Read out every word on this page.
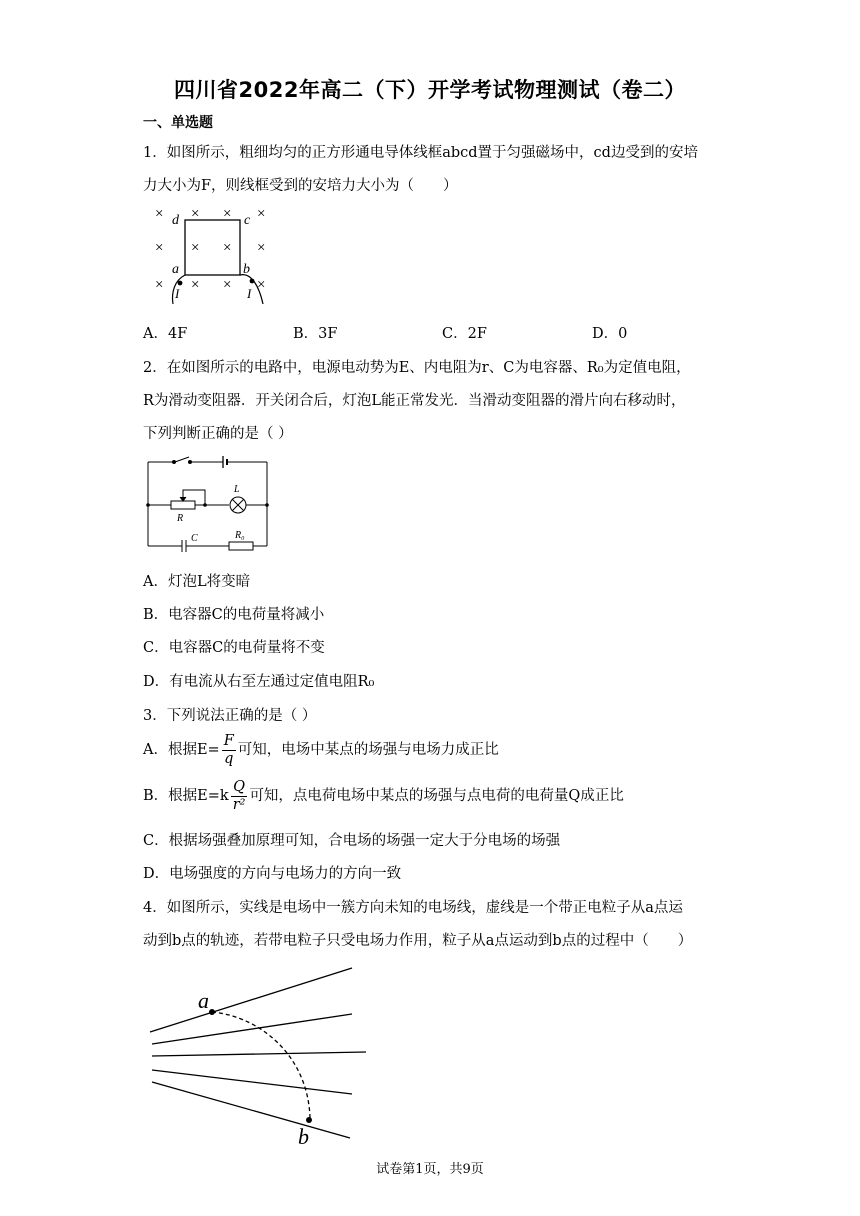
四川省2022年高二（下）开学考试物理测试（卷二）
一、单选题
1．如图所示，粗细均匀的正方形通电导体线框abcd置于匀强磁场中，cd边受到的安培
力大小为F，则线框受到的安培力大小为（　　）
× × × ×
× × × ×
× × ×
×
d	c
a	b
I	I
A．4F	B．3F	C．2F	D．0
2．在如图所示的电路中，电源电动势为E、内电阻为r、C为电容器、R₀为定值电阻，
R为滑动变阻器．开关闭合后，灯泡L能正常发光．当滑动变阻器的滑片向右移动时，
下列判断正确的是（ ）
L
R
C	R₀
A．灯泡L将变暗
B．电容器C的电荷量将减小
C．电容器C的电荷量将不变
D．有电流从右至左通过定值电阻R₀
3．下列说法正确的是（ ）
A．根据$E= \frac{F}{q}$ 可知，电场中某点的场强与电场力成正比
B．根据$E=k \frac{Q}{\text{r²}}$ 可知，点电荷电场中某点的场强与点电荷的电荷量Q成正比
C．根据场强叠加原理可知，合电场的场强一定大于分电场的场强
D．电场强度的方向与电场力的方向一致
4．如图所示，实线是电场中一簇方向未知的电场线，虚线是一个带正电粒子从a点运
动到b点的轨迹，若带电粒子只受电场力作用，粒子从a点运动到b点的过程中（　　）
a
b
试卷第1页，共9页
